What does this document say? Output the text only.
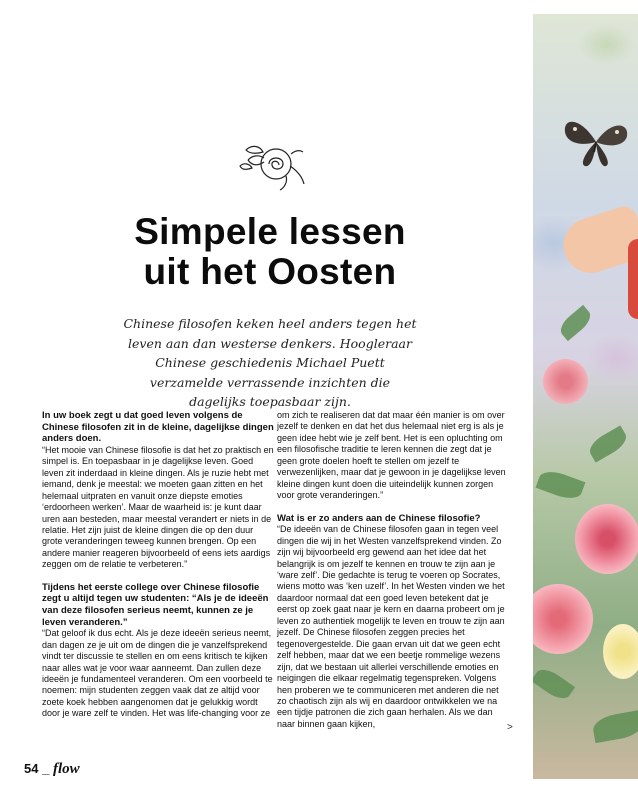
Simpele lessen
uit het Oosten

Chinese filosofen keken heel anders tegen het leven aan dan westerse denkers. Hoogleraar Chinese geschiedenis Michael Puett verzamelde verrassende inzichten die dagelijks toepasbaar zijn.

In uw boek zegt u dat goed leven volgens de Chinese filosofen zit in de kleine, dagelijkse dingen anders doen.

“Het mooie van Chinese filosofie is dat het zo praktisch en simpel is. En toepasbaar in je dagelijkse leven. Goed leven zit inderdaad in kleine dingen. Als je ruzie hebt met iemand, denk je meestal: we moeten gaan zitten en het helemaal uitpraten en vanuit onze diepste emoties ‘erdoorheen werken’. Maar de waarheid is: je kunt daar uren aan besteden, maar meestal verandert er niets in de relatie. Het zijn juist de kleine dingen die op den duur grote veranderingen teweeg kunnen brengen. Op een andere manier reageren bijvoorbeeld of eens iets aardigs zeggen om de relatie te verbeteren.”

Tijdens het eerste college over Chinese filosofie zegt u altijd tegen uw studenten: “Als je de ideeën van deze filosofen serieus neemt, kunnen ze je leven veranderen.”

“Dat geloof ik dus echt. Als je deze ideeën serieus neemt, dan dagen ze je uit om de dingen die je vanzelfsprekend vindt ter discussie te stellen en om eens kritisch te kijken naar alles wat je voor waar aanneemt. Dan zullen deze ideeën je fundamenteel veranderen. Om een voorbeeld te noemen: mijn studenten zeggen vaak dat ze altijd voor zoete koek hebben aangenomen dat je gelukkig wordt door je ware zelf te vinden. Het was life-changing voor ze

om zich te realiseren dat dat maar één manier is om over jezelf te denken en dat het dus helemaal niet erg is als je geen idee hebt wie je zelf bent. Het is een opluchting om een filosofische traditie te leren kennen die zegt dat je geen grote doelen hoeft te stellen om jezelf te verwezenlijken, maar dat je gewoon in je dagelijkse leven kleine dingen kunt doen die uiteindelijk kunnen zorgen voor grote veranderingen.”

Wat is er zo anders aan de Chinese filosofie?

“De ideeën van de Chinese filosofen gaan in tegen veel dingen die wij in het Westen vanzelfsprekend vinden. Zo zijn wij bijvoorbeeld erg gewend aan het idee dat het belangrijk is om jezelf te kennen en trouw te zijn aan je ‘ware zelf’. Die gedachte is terug te voeren op Socrates, wiens motto was ‘ken uzelf’. In het Westen vinden we het daardoor normaal dat een goed leven betekent dat je eerst op zoek gaat naar je kern en daarna probeert om je leven zo authentiek mogelijk te leven en trouw te zijn aan jezelf. De Chinese filosofen zeggen precies het tegenovergestelde. Die gaan ervan uit dat we geen echt zelf hebben, maar dat we een beetje rommelige wezens zijn, dat we bestaan uit allerlei verschillende emoties en neigingen die elkaar regelmatig tegenspreken. Volgens hen proberen we te communiceren met anderen die net zo chaotisch zijn als wij en daardoor ontwikkelen we na een tijdje patronen die zich gaan herhalen. Als we dan naar binnen gaan kijken,	>
54 _ flow
